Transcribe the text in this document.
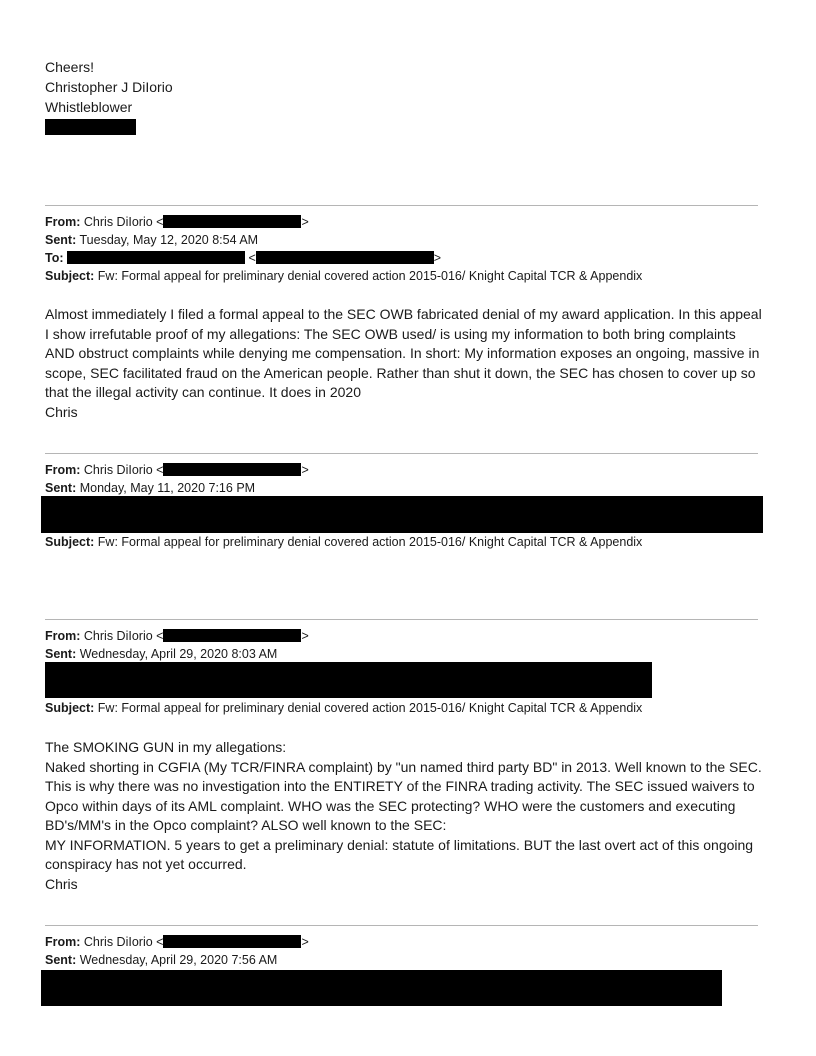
Cheers!
Christopher J DiIorio
Whistleblower
From: Chris DiIorio <	>
Sent: Tuesday, May 12, 2020 8:54 AM
To:	<	>
Subject: Fw: Formal appeal for preliminary denial covered action 2015-016/ Knight Capital TCR & Appendix

Almost immediately I filed a formal appeal to the SEC OWB fabricated denial of my award application. In this appeal I show irrefutable proof of my allegations: The SEC OWB used/ is using my information to both bring complaints AND obstruct complaints while denying me compensation. In short: My information exposes an ongoing, massive in scope, SEC facilitated fraud on the American people. Rather than shut it down, the SEC has chosen to cover up so that the illegal activity can continue. It does in 2020

Chris

From: Chris DiIorio <	>
Sent: Monday, May 11, 2020 7:16 PM
Subject: Fw: Formal appeal for preliminary denial covered action 2015-016/ Knight Capital TCR & Appendix
From: Chris DiIorio <	>
Sent: Wednesday, April 29, 2020 8:03 AM
Subject: Fw: Formal appeal for preliminary denial covered action 2015-016/ Knight Capital TCR & Appendix

The SMOKING GUN in my allegations:

Naked shorting in CGFIA (My TCR/FINRA complaint) by "un named third party BD" in 2013. Well known to the SEC. This is why there was no investigation into the ENTIRETY of the FINRA trading activity. The SEC issued waivers to Opco within days of its AML complaint. WHO was the SEC protecting? WHO were the customers and executing BD's/MM's in the Opco complaint? ALSO well known to the SEC:

MY INFORMATION. 5 years to get a preliminary denial: statute of limitations. BUT the last overt act of this ongoing conspiracy has not yet occurred.

Chris

From: Chris DiIorio <	>
Sent: Wednesday, April 29, 2020 7:56 AM
